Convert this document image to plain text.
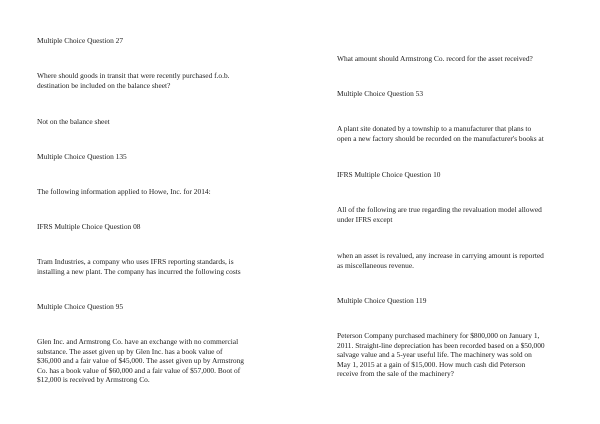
Multiple Choice Question 27

Where should goods in transit that were recently purchased f.o.b.
destination be included on the balance sheet?

Not on the balance sheet

Multiple Choice Question 135

The following information applied to Howe, Inc. for 2014:

IFRS Multiple Choice Question 08

Tram Industries, a company who uses IFRS reporting standards, is
installing a new plant. The company has incurred the following costs

Multiple Choice Question 95

Glen Inc. and Armstrong Co. have an exchange with no commercial
substance. The asset given up by Glen Inc. has a book value of
$36,000 and a fair value of $45,000. The asset given up by Armstrong
Co. has a book value of $60,000 and a fair value of $57,000. Boot of
$12,000 is received by Armstrong Co.

What amount should Armstrong Co. record for the asset received?

Multiple Choice Question 53

A plant site donated by a township to a manufacturer that plans to
open a new factory should be recorded on the manufacturer's books at

IFRS Multiple Choice Question 10

All of the following are true regarding the revaluation model allowed
under IFRS except

when an asset is revalued, any increase in carrying amount is reported
as miscellaneous revenue.

Multiple Choice Question 119

Peterson Company purchased machinery for $800,000 on January 1,
2011. Straight-line depreciation has been recorded based on a $50,000
salvage value and a 5-year useful life. The machinery was sold on
May 1, 2015 at a gain of $15,000. How much cash did Peterson
receive from the sale of the machinery?
